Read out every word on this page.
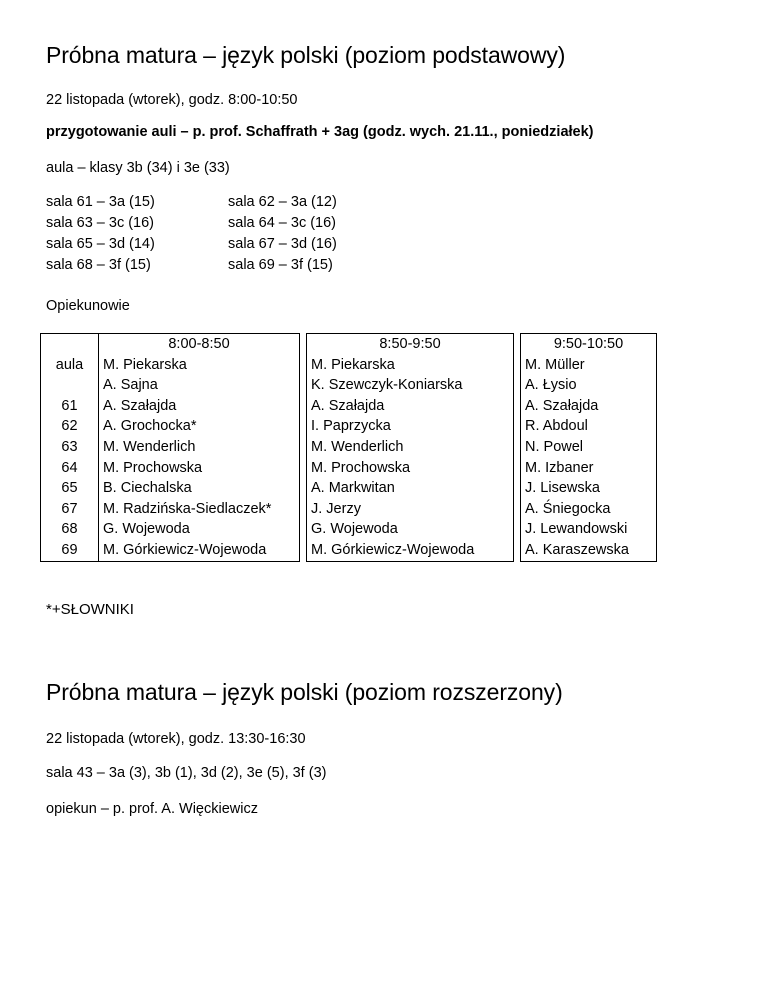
Próbna matura – język polski (poziom podstawowy)

22 listopada (wtorek), godz. 8:00-10:50

przygotowanie auli – p. prof. Schaffrath + 3ag (godz. wych. 21.11., poniedziałek)

aula – klasy 3b (34) i 3e (33)

sala 61 – 3a (15)	sala 62 – 3a (12)
sala 63 – 3c (16)	sala 64 – 3c (16)
sala 65 – 3d (14)	sala 67 – 3d (16)
sala 68 – 3f (15)	sala 69 – 3f (15)

Opiekunowie

	8:00-8:50		8:50-9:50		9:50-10:50
aula	M. Piekarska		M. Piekarska		M. Müller
	A. Sajna		K. Szewczyk-Koniarska		A. Łysio
61	A. Szałajda		A. Szałajda		A. Szałajda
62	A. Grochocka*		I. Paprzycka		R. Abdoul
63	M. Wenderlich		M. Wenderlich		N. Powel
64	M. Prochowska		M. Prochowska		M. Izbaner
65	B. Ciechalska		A. Markwitan		J. Lisewska
67	M. Radzińska-Siedlaczek*		J. Jerzy		A. Śniegocka
68	G. Wojewoda		G. Wojewoda		J. Lewandowski
69	M. Górkiewicz-Wojewoda		M. Górkiewicz-Wojewoda		A. Karaszewska

*+SŁOWNIKI

Próbna matura – język polski (poziom rozszerzony)

22 listopada (wtorek), godz. 13:30-16:30

sala 43 – 3a (3), 3b (1), 3d (2), 3e (5), 3f (3)

opiekun – p. prof. A. Więckiewicz
